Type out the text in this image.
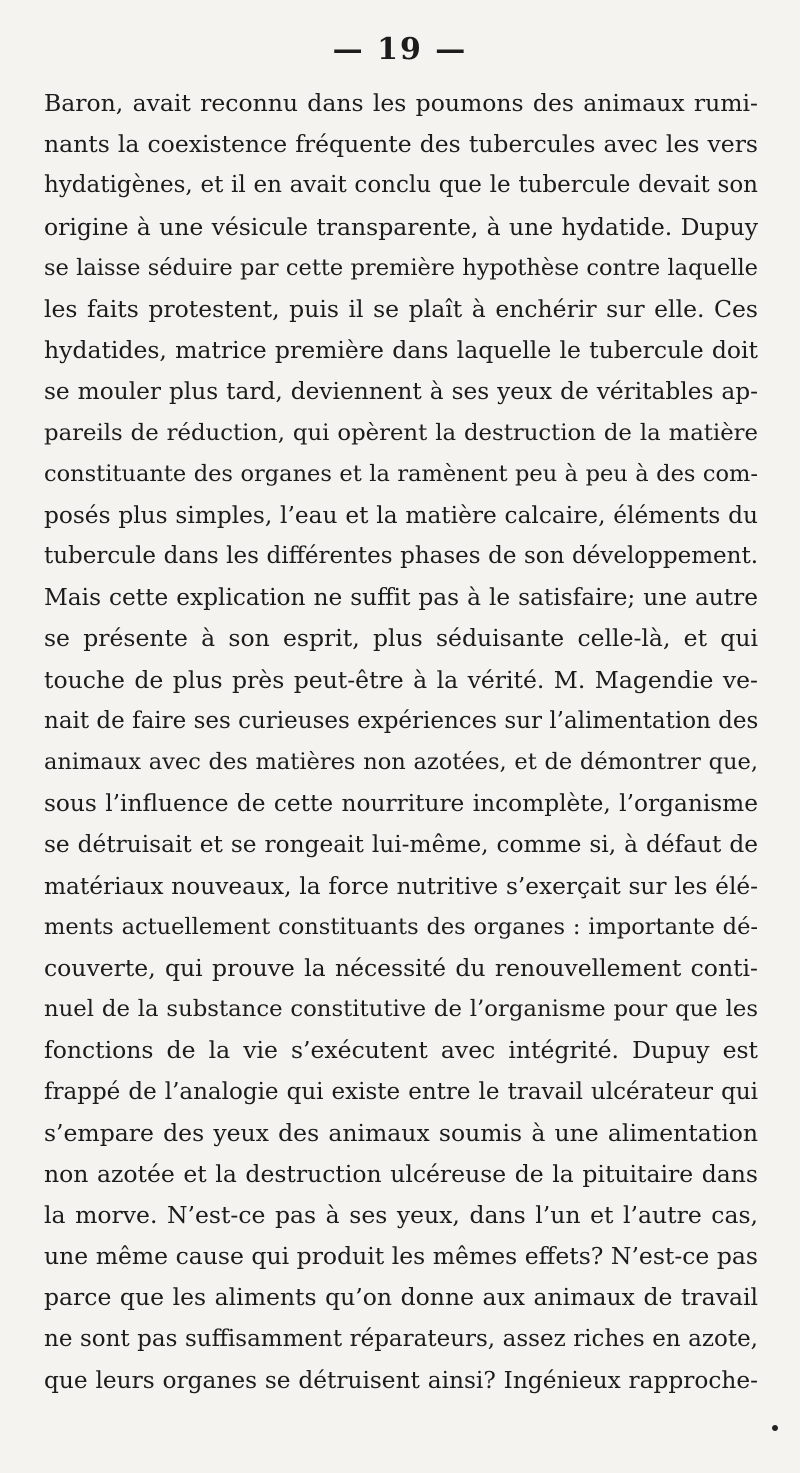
— 19 —
Baron, avait reconnu dans les poumons des animaux rumi-
nants la coexistence fréquente des tubercules avec les vers
hydatigènes, et il en avait conclu que le tubercule devait son
origine à une vésicule transparente, à une hydatide. Dupuy
se laisse séduire par cette première hypothèse contre laquelle
les faits protestent, puis il se plaît à enchérir sur elle. Ces
hydatides, matrice première dans laquelle le tubercule doit
se mouler plus tard, deviennent à ses yeux de véritables ap-
pareils de réduction, qui opèrent la destruction de la matière
constituante des organes et la ramènent peu à peu à des com-
posés plus simples, l’eau et la matière calcaire, éléments du
tubercule dans les différentes phases de son développement.
Mais cette explication ne suffit pas à le satisfaire; une autre
se présente à son esprit, plus séduisante celle-là, et qui
touche de plus près peut-être à la vérité. M. Magendie ve-
nait de faire ses curieuses expériences sur l’alimentation des
animaux avec des matières non azotées, et de démontrer que,
sous l’influence de cette nourriture incomplète, l’organisme
se détruisait et se rongeait lui-même, comme si, à défaut de
matériaux nouveaux, la force nutritive s’exerçait sur les élé-
ments actuellement constituants des organes : importante dé-
couverte, qui prouve la nécessité du renouvellement conti-
nuel de la substance constitutive de l’organisme pour que les
fonctions de la vie s’exécutent avec intégrité. Dupuy est
frappé de l’analogie qui existe entre le travail ulcérateur qui
s’empare des yeux des animaux soumis à une alimentation
non azotée et la destruction ulcéreuse de la pituitaire dans
la morve. N’est-ce pas à ses yeux, dans l’un et l’autre cas,
une même cause qui produit les mêmes effets? N’est-ce pas
parce que les aliments qu’on donne aux animaux de travail
ne sont pas suffisamment réparateurs, assez riches en azote,
que leurs organes se détruisent ainsi? Ingénieux rapproche-
